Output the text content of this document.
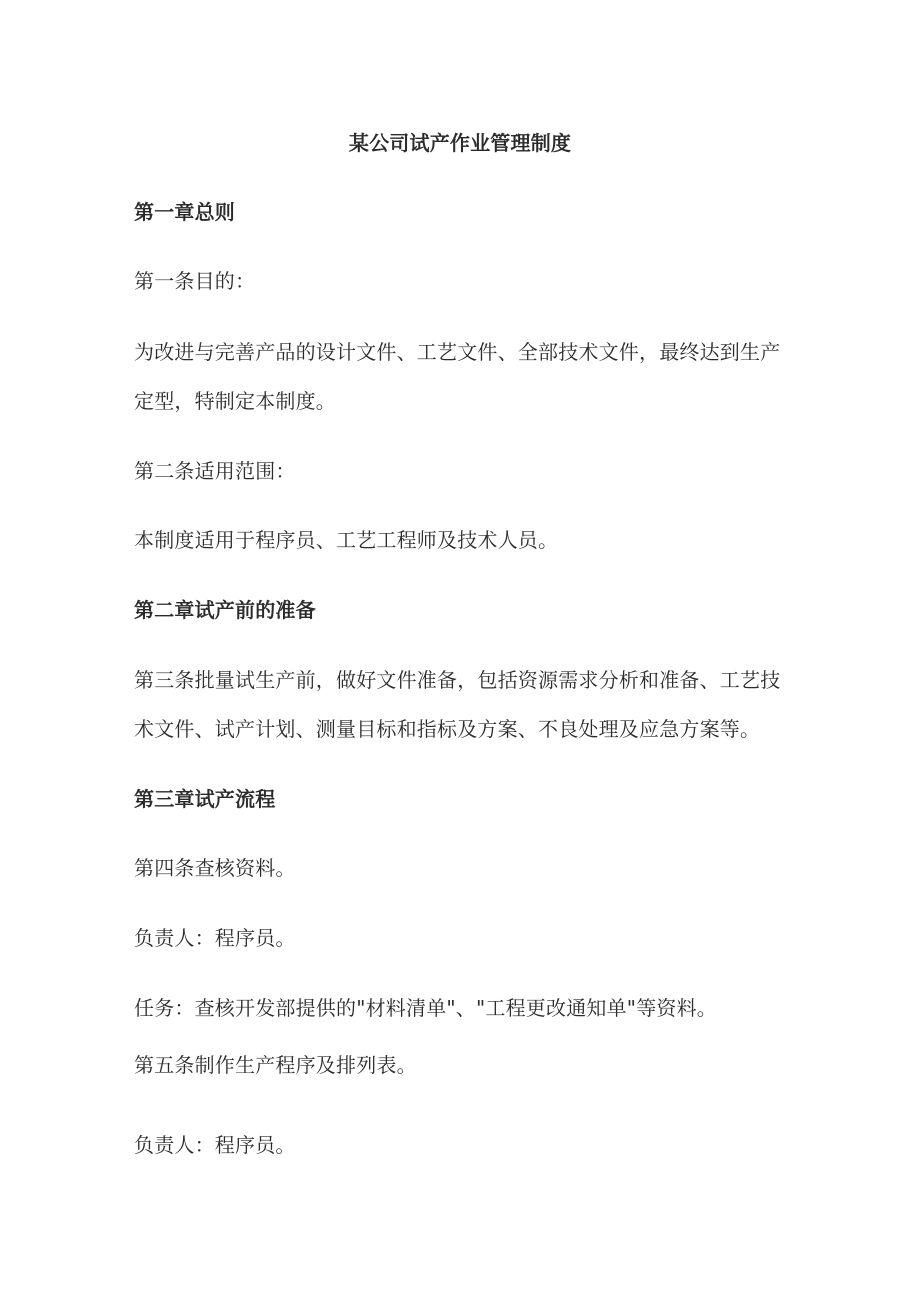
某公司试产作业管理制度
第一章总则
第一条目的：
为改进与完善产品的设计文件、工艺文件、全部技术文件，最终达到生产
定型，特制定本制度。
第二条适用范围：
本制度适用于程序员、工艺工程师及技术人员。
第二章试产前的准备
第三条批量试生产前，做好文件准备，包括资源需求分析和准备、工艺技
术文件、试产计划、测量目标和指标及方案、不良处理及应急方案等。
第三章试产流程
第四条查核资料。
负责人：程序员。
任务：查核开发部提供的"材料清单"、"工程更改通知单"等资料。
第五条制作生产程序及排列表。
负责人：程序员。
